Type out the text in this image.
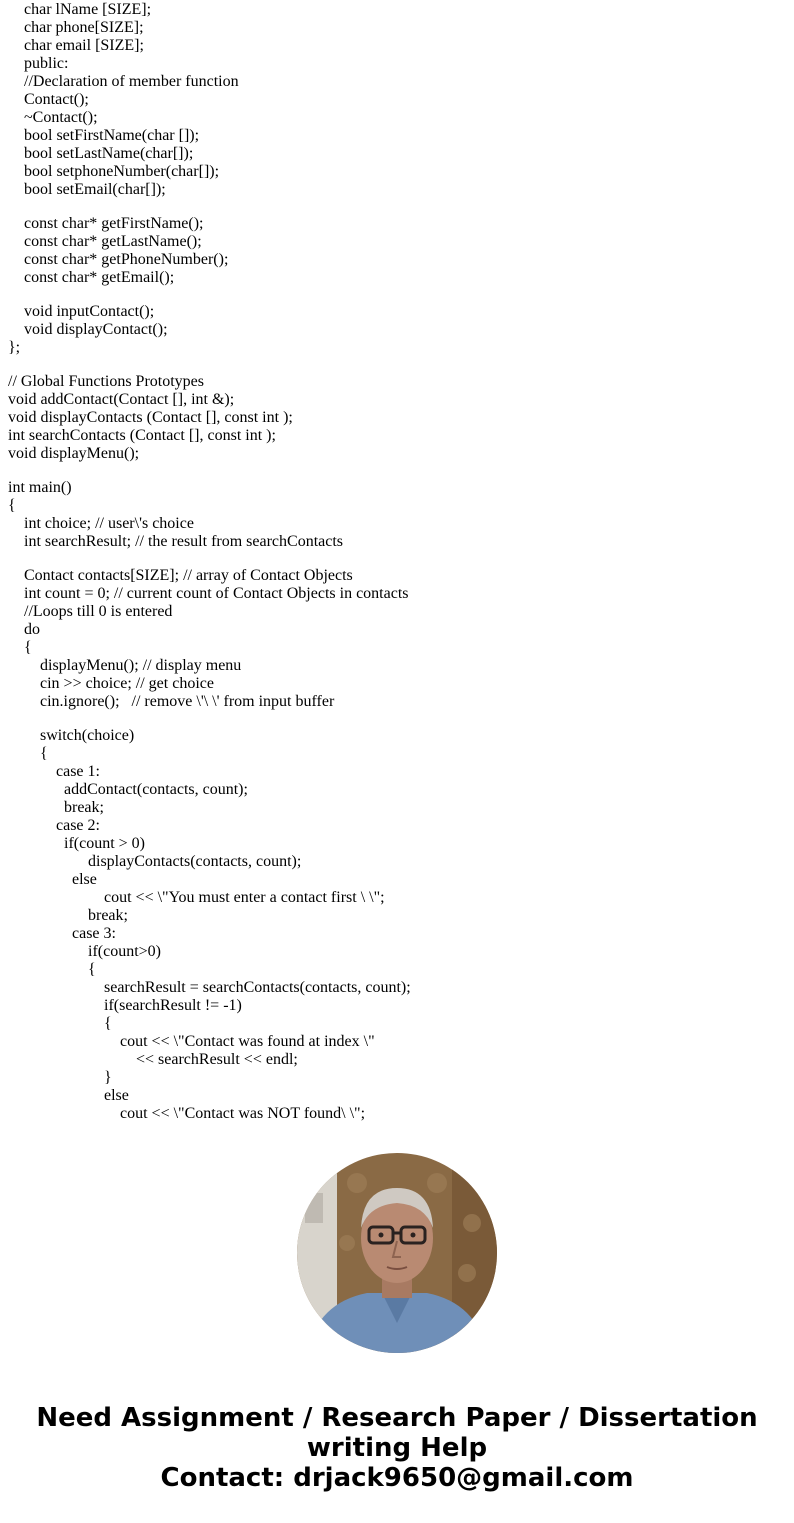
char lName [SIZE];
char phone[SIZE];
char email [SIZE];
public:
//Declaration of member function
Contact();
~Contact();
bool setFirstName(char []);
bool setLastName(char[]);
bool setphoneNumber(char[]);
bool setEmail(char[]);
const char* getFirstName();
const char* getLastName();
const char* getPhoneNumber();
const char* getEmail();
void inputContact();
void displayContact();
};
// Global Functions Prototypes
void addContact(Contact [], int &);
void displayContacts (Contact [], const int );
int searchContacts (Contact [], const int );
void displayMenu();
int main()
{
int choice; // user\'s choice
int searchResult; // the result from searchContacts
Contact contacts[SIZE]; // array of Contact Objects
int count = 0; // current count of Contact Objects in contacts
//Loops till 0 is entered
do
{
displayMenu(); // display menu
cin >> choice; // get choice
cin.ignore();   // remove \'\ \' from input buffer
switch(choice)
{
case 1:
addContact(contacts, count);
break;
case 2:
if(count > 0)
displayContacts(contacts, count);
else
cout << \"You must enter a contact first \ \";
break;
case 3:
if(count>0)
{
searchResult = searchContacts(contacts, count);
if(searchResult != -1)
{
cout << \"Contact was found at index \"
<< searchResult << endl;
}
else
cout << \"Contact was NOT found\ \";
Need Assignment / Research Paper / Dissertation
writing Help
Contact: drjack9650@gmail.com
